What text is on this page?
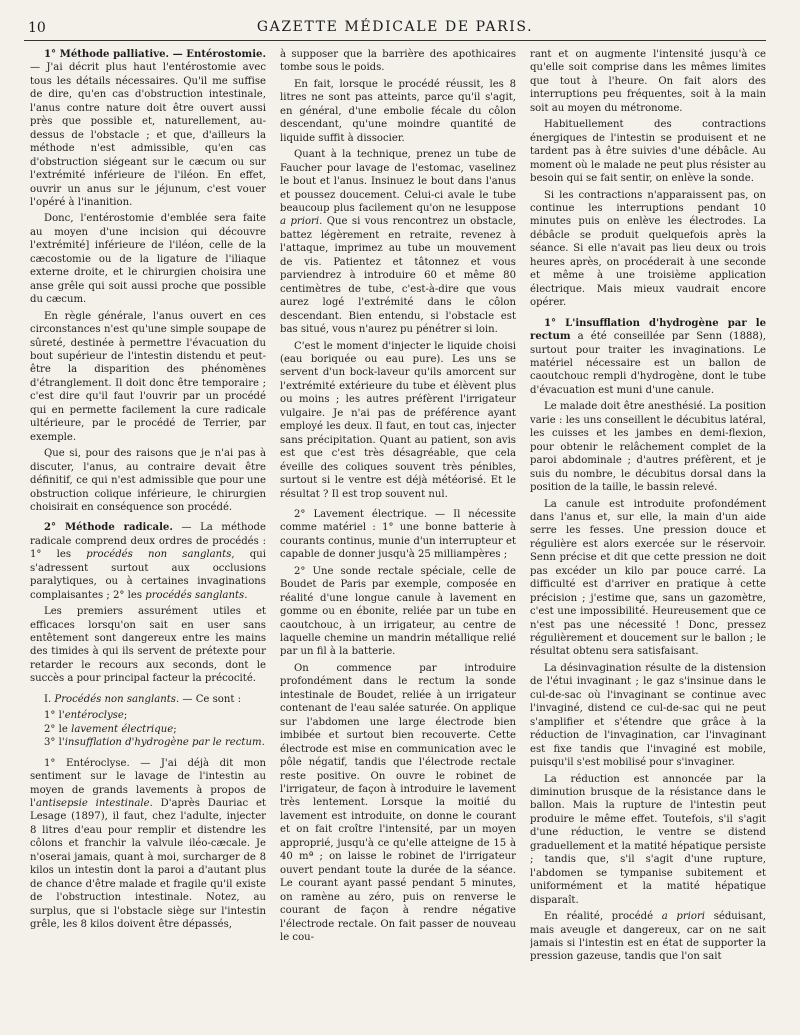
10	GAZETTE MÉDICALE DE PARIS.

1° Méthode palliative. — Entérostomie. — J'ai décrit plus haut l'entérostomie avec tous les détails nécessaires. Qu'il me suffise de dire, qu'en cas d'obstruction intestinale, l'anus contre nature doit être ouvert aussi près que possible et, naturellement, au-dessus de l'obstacle ; et que, d'ailleurs la méthode n'est admissible, qu'en cas d'obstruction siégeant sur le cæcum ou sur l'extrémité inférieure de l'iléon. En effet, ouvrir un anus sur le jéjunum, c'est vouer l'opéré à l'inanition.

Donc, l'entérostomie d'emblée sera faite au moyen d'une incision qui découvre l'extrémité] inférieure de l'iléon, celle de la cæcostomie ou de la ligature de l'iliaque externe droite, et le chirurgien choisira une anse grêle qui soit aussi proche que possible du cæcum.

En règle générale, l'anus ouvert en ces circonstances n'est qu'une simple soupape de sûreté, destinée à permettre l'évacuation du bout supérieur de l'intestin distendu et peut-être la disparition des phénomènes d'étranglement. Il doit donc être temporaire ; c'est dire qu'il faut l'ouvrir par un procédé qui en permette facilement la cure radicale ultérieure, par le procédé de Terrier, par exemple.

Que si, pour des raisons que je n'ai pas à discuter, l'anus, au contraire devait être définitif, ce qui n'est admissible que pour une obstruction colique inférieure, le chirurgien choisirait en conséquence son procédé.

2° Méthode radicale. — La méthode radicale comprend deux ordres de procédés : 1° les procédés non sanglants, qui s'adressent surtout aux occlusions paralytiques, ou à certaines invaginations complaisantes ; 2° les procédés sanglants.

Les premiers assurément utiles et efficaces lorsqu'on sait en user sans entêtement sont dangereux entre les mains des timides à qui ils servent de prétexte pour retarder le recours aux seconds, dont le succès a pour principal facteur la précocité.

I. Procédés non sanglants. — Ce sont :

1° l'entéroclyse;

2° le lavement électrique;

3° l'insufflation d'hydrogène par le rectum.

1° Entéroclyse. — J'ai déjà dit mon sentiment sur le lavage de l'intestin au moyen de grands lavements à propos de l'antisepsie intestinale. D'après Dauriac et Lesage (1897), il faut, chez l'adulte, injecter 8 litres d'eau pour remplir et distendre les côlons et franchir la valvule iléo-cæcale. Je n'oserai jamais, quant à moi, surcharger de 8 kilos un intestin dont la paroi a d'autant plus de chance d'être malade et fragile qu'il existe de l'obstruction intestinale. Notez, au surplus, que si l'obstacle siège sur l'intestin grêle, les 8 kilos doivent être dépassés,

à supposer que la barrière des apothicaires tombe sous le poids.

En fait, lorsque le procédé réussit, les 8 litres ne sont pas atteints, parce qu'il s'agit, en général, d'une embolie fécale du côlon descendant, qu'une moindre quantité de liquide suffit à dissocier.

Quant à la technique, prenez un tube de Faucher pour lavage de l'estomac, vaselinez le bout et l'anus. Insinuez le bout dans l'anus et poussez doucement. Celui-ci avale le tube beaucoup plus facilement qu'on ne lesuppose a priori. Que si vous rencontrez un obstacle, battez légèrement en retraite, revenez à l'attaque, imprimez au tube un mouvement de vis. Patientez et tâtonnez et vous parviendrez à introduire 60 et même 80 centimètres de tube, c'est-à-dire que vous aurez logé l'extrémité dans le côlon descendant. Bien entendu, si l'obstacle est bas situé, vous n'aurez pu pénétrer si loin.

C'est le moment d'injecter le liquide choisi (eau boriquée ou eau pure). Les uns se servent d'un bock-laveur qu'ils amorcent sur l'extrémité extérieure du tube et élèvent plus ou moins ; les autres préfèrent l'irrigateur vulgaire. Je n'ai pas de préférence ayant employé les deux. Il faut, en tout cas, injecter sans précipitation. Quant au patient, son avis est que c'est très désagréable, que cela éveille des coliques souvent très pénibles, surtout si le ventre est déjà météorisé. Et le résultat ? Il est trop souvent nul.

2° Lavement électrique. — Il nécessite comme matériel : 1° une bonne batterie à courants continus, munie d'un interrupteur et capable de donner jusqu'à 25 milliampères ;

2° Une sonde rectale spéciale, celle de Boudet de Paris par exemple, composée en réalité d'une longue canule à lavement en gomme ou en ébonite, reliée par un tube en caoutchouc, à un irrigateur, au centre de laquelle chemine un mandrin métallique relié par un fil à la batterie.

On commence par introduire profondément dans le rectum la sonde intestinale de Boudet, reliée à un irrigateur contenant de l'eau salée saturée. On applique sur l'abdomen une large électrode bien imbibée et surtout bien recouverte. Cette électrode est mise en communication avec le pôle négatif, tandis que l'électrode rectale reste positive. On ouvre le robinet de l'irrigateur, de façon à introduire le lavement très lentement. Lorsque la moitié du lavement est introduite, on donne le courant et on fait croître l'intensité, par un moyen approprié, jusqu'à ce qu'elle atteigne de 15 à 40 mª ; on laisse le robinet de l'irrigateur ouvert pendant toute la durée de la séance. Le courant ayant passé pendant 5 minutes, on ramène au zéro, puis on renverse le courant de façon à rendre négative l'électrode rectale. On fait passer de nouveau le cou-

rant et on augmente l'intensité jusqu'à ce qu'elle soit comprise dans les mêmes limites que tout à l'heure. On fait alors des interruptions peu fréquentes, soit à la main soit au moyen du métronome.

Habituellement des contractions énergiques de l'intestin se produisent et ne tardent pas à être suivies d'une débâcle. Au moment où le malade ne peut plus résister au besoin qui se fait sentir, on enlève la sonde.

Si les contractions n'apparaissent pas, on continue les interruptions pendant 10 minutes puis on enlève les électrodes. La débâcle se produit quelquefois après la séance. Si elle n'avait pas lieu deux ou trois heures après, on procéderait à une seconde et même à une troisième application électrique. Mais mieux vaudrait encore opérer.

1° L'insufflation d'hydrogène par le rectum a été conseillée par Senn (1888), surtout pour traiter les invaginations. Le matériel nécessaire est un ballon de caoutchouc rempli d'hydrogène, dont le tube d'évacuation est muni d'une canule.

Le malade doit être anesthésié. La position varie : les uns conseillent le décubitus latéral, les cuisses et les jambes en demi-flexion, pour obtenir le relâchement complet de la paroi abdominale ; d'autres préfèrent, et je suis du nombre, le décubitus dorsal dans la position de la taille, le bassin relevé.

La canule est introduite profondément dans l'anus et, sur elle, la main d'un aide serre les fesses. Une pression douce et régulière est alors exercée sur le réservoir. Senn précise et dit que cette pression ne doit pas excéder un kilo par pouce carré. La difficulté est d'arriver en pratique à cette précision ; j'estime que, sans un gazomètre, c'est une impossibilité. Heureusement que ce n'est pas une nécessité ! Donc, pressez régulièrement et doucement sur le ballon ; le résultat obtenu sera satisfaisant.

La désinvagination résulte de la distension de l'étui invaginant ; le gaz s'insinue dans le cul-de-sac où l'invaginant se continue avec l'invaginé, distend ce cul-de-sac qui ne peut s'amplifier et s'étendre que grâce à la réduction de l'invagination, car l'invaginant est fixe tandis que l'invaginé est mobile, puisqu'il s'est mobilisé pour s'invaginer.

La réduction est annoncée par la diminution brusque de la résistance dans le ballon. Mais la rupture de l'intestin peut produire le même effet. Toutefois, s'il s'agit d'une réduction, le ventre se distend graduellement et la matité hépatique persiste ; tandis que, s'il s'agit d'une rupture, l'abdomen se tympanise subitement et uniformément et la matité hépatique disparaît.

En réalité, procédé a priori séduisant, mais aveugle et dangereux, car on ne sait jamais si l'intestin est en état de supporter la pression gazeuse, tandis que l'on sait
